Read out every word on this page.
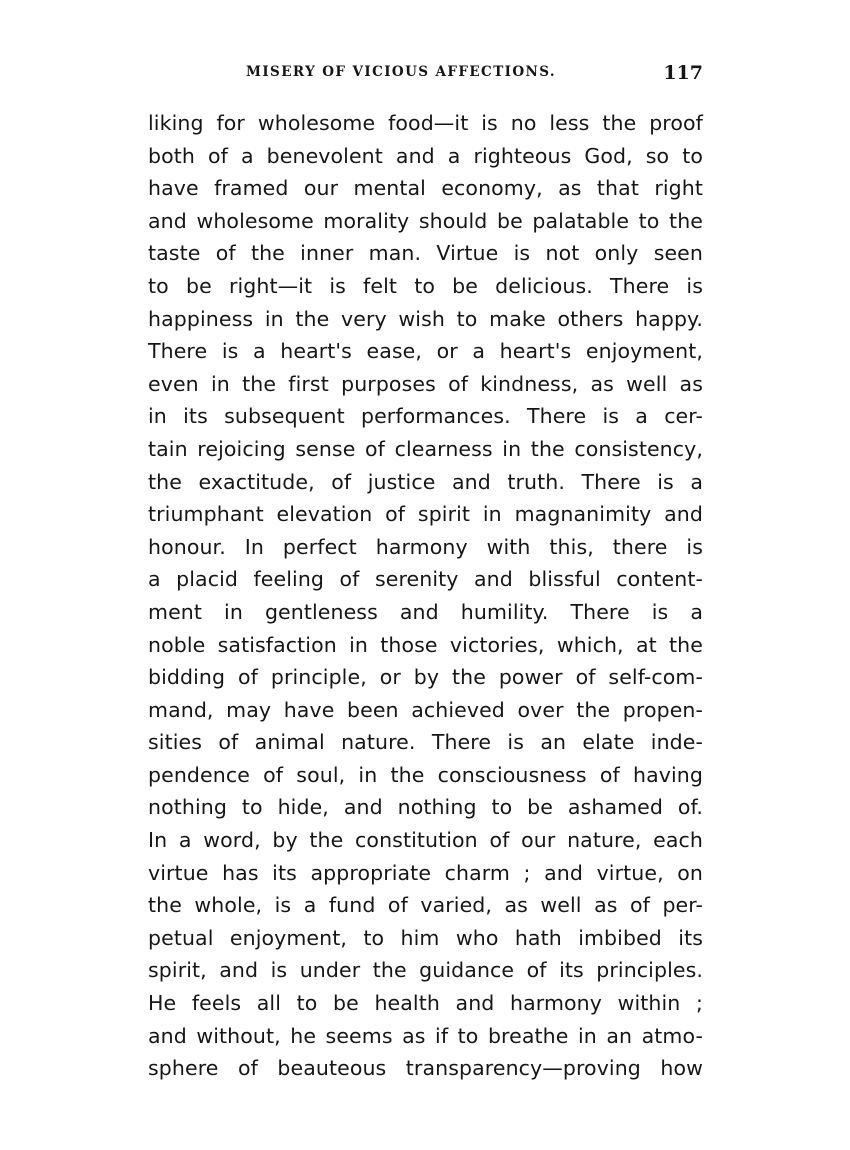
MISERY OF VICIOUS AFFECTIONS.	117
liking for wholesome food—it is no less the proof
both of a benevolent and a righteous God, so to
have framed our mental economy, as that right
and wholesome morality should be palatable to the
taste of the inner man. Virtue is not only seen
to be right—it is felt to be delicious. There is
happiness in the very wish to make others happy.
There is a heart's ease, or a heart's enjoyment,
even in the first purposes of kindness, as well as
in its subsequent performances. There is a cer-
tain rejoicing sense of clearness in the consistency,
the exactitude, of justice and truth. There is a
triumphant elevation of spirit in magnanimity and
honour. In perfect harmony with this, there is
a placid feeling of serenity and blissful content-
ment in gentleness and humility. There is a
noble satisfaction in those victories, which, at the
bidding of principle, or by the power of self-com-
mand, may have been achieved over the propen-
sities of animal nature. There is an elate inde-
pendence of soul, in the consciousness of having
nothing to hide, and nothing to be ashamed of.
In a word, by the constitution of our nature, each
virtue has its appropriate charm ; and virtue, on
the whole, is a fund of varied, as well as of per-
petual enjoyment, to him who hath imbibed its
spirit, and is under the guidance of its principles.
He feels all to be health and harmony within ;
and without, he seems as if to breathe in an atmo-
sphere of beauteous transparency—proving how
